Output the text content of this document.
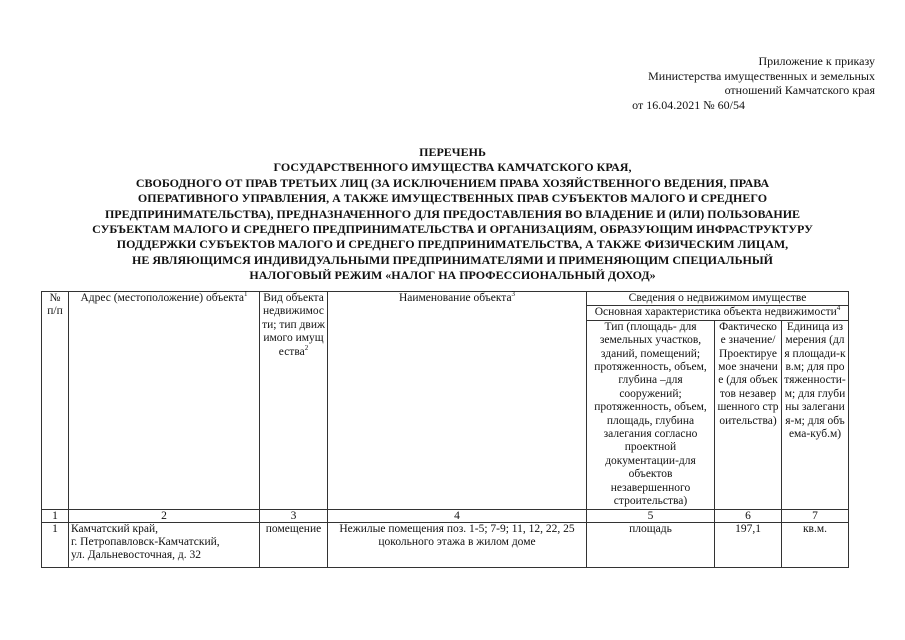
Приложение к приказу
Министерства имущественных и земельных
отношений Камчатского края
от 16.04.2021 № 60/54
ПЕРЕЧЕНЬ
ГОСУДАРСТВЕННОГО ИМУЩЕСТВА КАМЧАТСКОГО КРАЯ,
СВОБОДНОГО ОТ ПРАВ ТРЕТЬИХ ЛИЦ (ЗА ИСКЛЮЧЕНИЕМ ПРАВА ХОЗЯЙСТВЕННОГО ВЕДЕНИЯ, ПРАВА
ОПЕРАТИВНОГО УПРАВЛЕНИЯ, А ТАКЖЕ ИМУЩЕСТВЕННЫХ ПРАВ СУБЪЕКТОВ МАЛОГО И СРЕДНЕГО
ПРЕДПРИНИМАТЕЛЬСТВА), ПРЕДНАЗНАЧЕННОГО ДЛЯ ПРЕДОСТАВЛЕНИЯ ВО ВЛАДЕНИЕ И (ИЛИ) ПОЛЬЗОВАНИЕ
СУБЪЕКТАМ МАЛОГО И СРЕДНЕГО ПРЕДПРИНИМАТЕЛЬСТВА И ОРГАНИЗАЦИЯМ, ОБРАЗУЮЩИМ ИНФРАСТРУКТУРУ
ПОДДЕРЖКИ СУБЪЕКТОВ МАЛОГО И СРЕДНЕГО ПРЕДПРИНИМАТЕЛЬСТВА, А ТАКЖЕ ФИЗИЧЕСКИМ ЛИЦАМ,
НЕ ЯВЛЯЮЩИМСЯ ИНДИВИДУАЛЬНЫМИ ПРЕДПРИНИМАТЕЛЯМИ И ПРИМЕНЯЮЩИМ СПЕЦИАЛЬНЫЙ
НАЛОГОВЫЙ РЕЖИМ «НАЛОГ НА ПРОФЕССИОНАЛЬНЫЙ ДОХОД»
№ п/п	Адрес (местоположение) объекта$^1$	Вид объекта недвижимости; тип движимого имущества$^2$	Наименование объекта$^3$	Сведения о недвижимом имуществе		
				Основная характеристика объекта недвижимости$^4$
				Тип (площадь- для земельных участков, зданий, помещений; протяженность, объем, глубина –для сооружений; протяженность, объем, площадь, глубина залегания согласно проектной документации-для объектов незавершенного строительства)	Фактическое значение/ Проектируемое значение (для объектов незавершенного строительства)	Единица измерения (для площади-кв.м; для протяженности-м; для глубины залегания-м; для объема-куб.м)
1	2	3	4	5	6	7
1	Камчатский край,
г. Петропавловск-Камчатский,
ул. Дальневосточная, д. 32	помещение	Нежилые помещения поз. 1-5; 7-9; 11, 12, 22, 25 цокольного этажа в жилом доме	площадь	197,1	кв.м.
